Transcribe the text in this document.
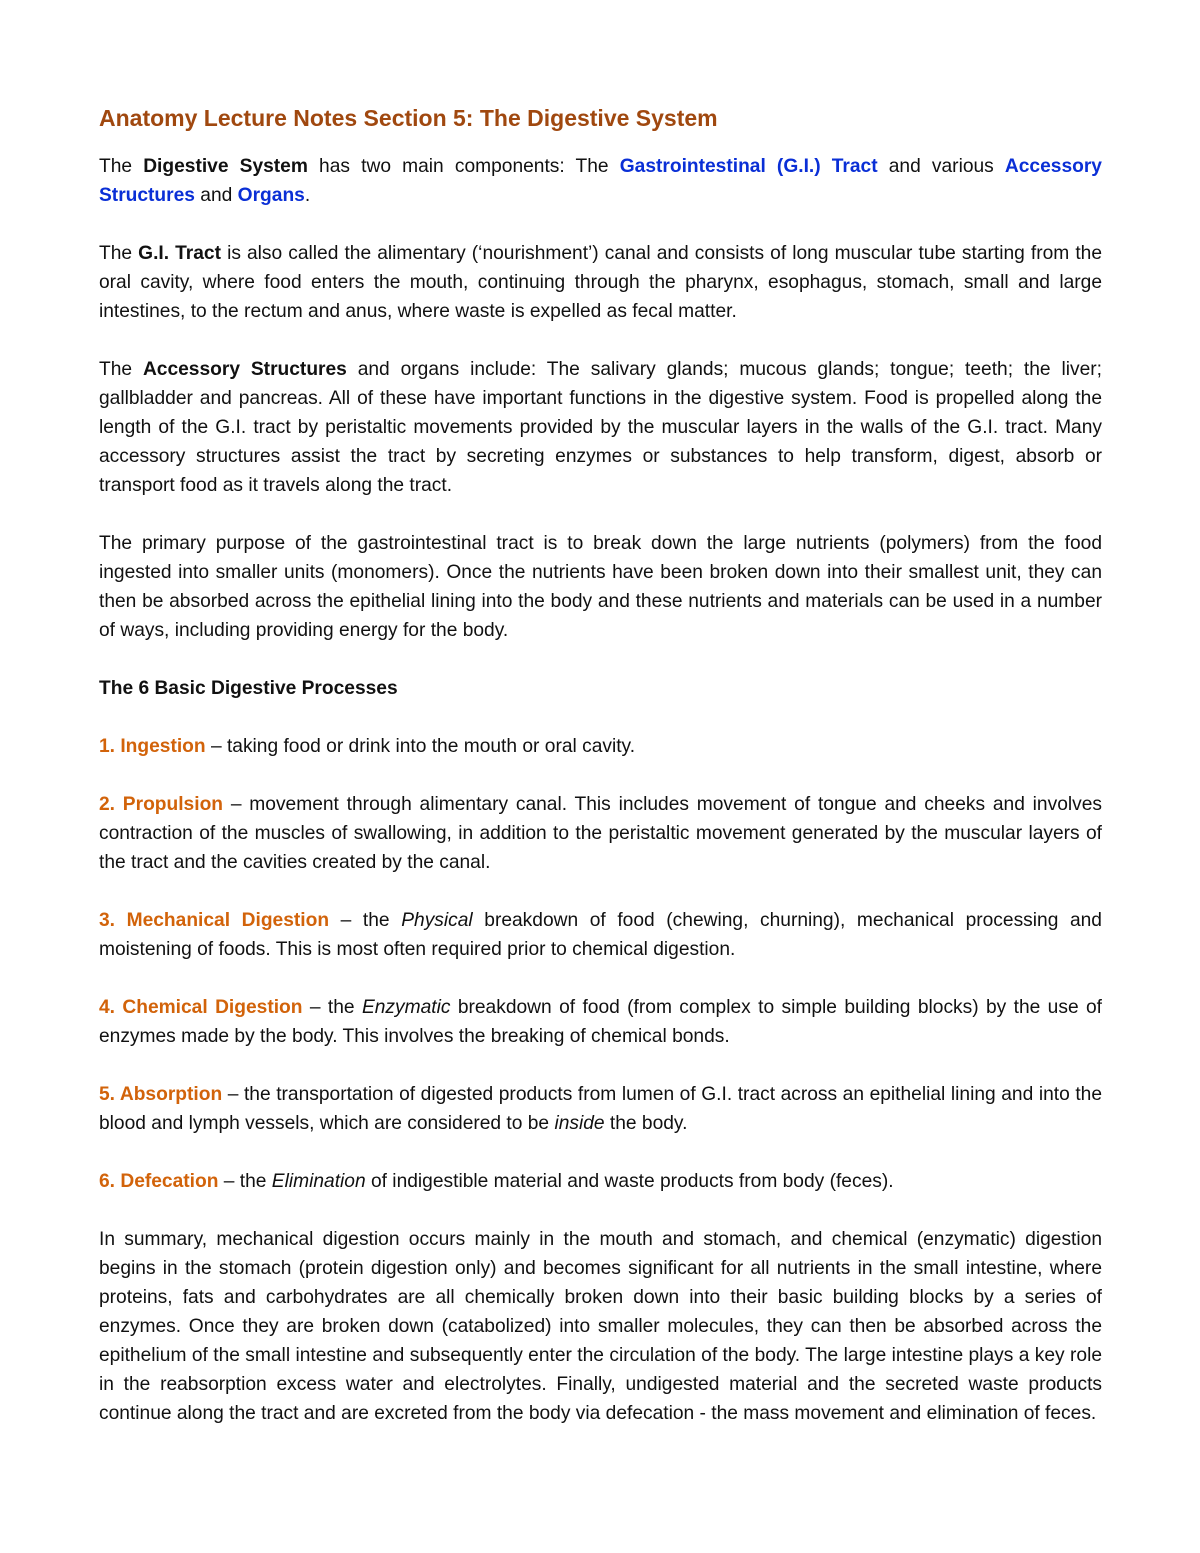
Anatomy Lecture Notes Section 5: The Digestive System

The Digestive System has two main components: The Gastrointestinal (G.I.) Tract and various Accessory Structures and Organs.

The G.I. Tract is also called the alimentary (‘nourishment’) canal and consists of long muscular tube starting from the oral cavity, where food enters the mouth, continuing through the pharynx, esophagus, stomach, small and large intestines, to the rectum and anus, where waste is expelled as fecal matter.

The Accessory Structures and organs include: The salivary glands; mucous glands; tongue; teeth; the liver; gallbladder and pancreas. All of these have important functions in the digestive system. Food is propelled along the length of the G.I. tract by peristaltic movements provided by the muscular layers in the walls of the G.I. tract. Many accessory structures assist the tract by secreting enzymes or substances to help transform, digest, absorb or transport food as it travels along the tract.

The primary purpose of the gastrointestinal tract is to break down the large nutrients (polymers) from the food ingested into smaller units (monomers). Once the nutrients have been broken down into their smallest unit, they can then be absorbed across the epithelial lining into the body and these nutrients and materials can be used in a number of ways, including providing energy for the body.

The 6 Basic Digestive Processes

1. Ingestion – taking food or drink into the mouth or oral cavity.

2. Propulsion – movement through alimentary canal. This includes movement of tongue and cheeks and involves contraction of the muscles of swallowing, in addition to the peristaltic movement generated by the muscular layers of the tract and the cavities created by the canal.

3. Mechanical Digestion – the Physical breakdown of food (chewing, churning), mechanical processing and moistening of foods. This is most often required prior to chemical digestion.

4. Chemical Digestion – the Enzymatic breakdown of food (from complex to simple building blocks) by the use of enzymes made by the body. This involves the breaking of chemical bonds.

5. Absorption – the transportation of digested products from lumen of G.I. tract across an epithelial lining and into the blood and lymph vessels, which are considered to be inside the body.

6. Defecation – the Elimination of indigestible material and waste products from body (feces).

In summary, mechanical digestion occurs mainly in the mouth and stomach, and chemical (enzymatic) digestion begins in the stomach (protein digestion only) and becomes significant for all nutrients in the small intestine, where proteins, fats and carbohydrates are all chemically broken down into their basic building blocks by a series of enzymes. Once they are broken down (catabolized) into smaller molecules, they can then be absorbed across the epithelium of the small intestine and subsequently enter the circulation of the body. The large intestine plays a key role in the reabsorption excess water and electrolytes. Finally, undigested material and the secreted waste products continue along the tract and are excreted from the body via defecation - the mass movement and elimination of feces.
